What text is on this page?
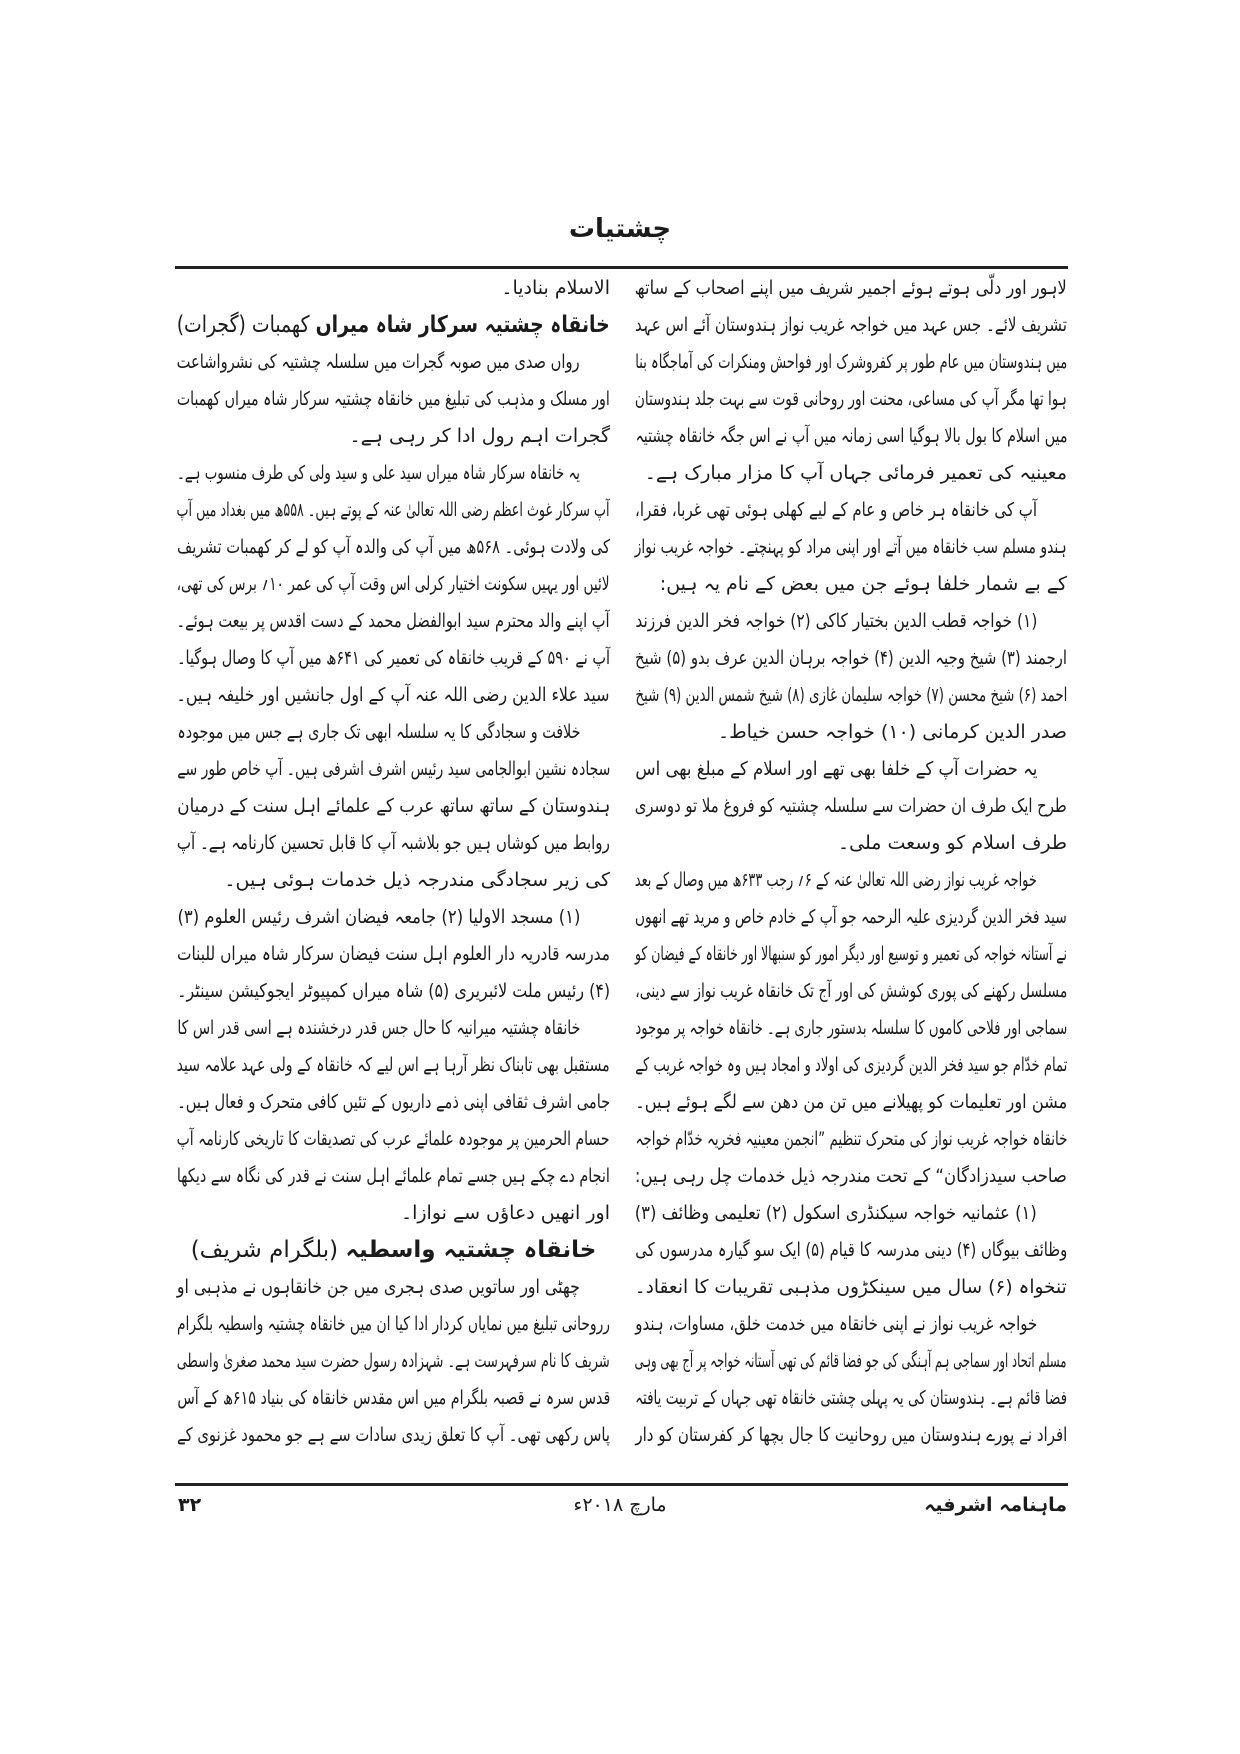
چشتیات
لاہور اور دلّی ہوتے ہوئے اجمیر شریف میں اپنے اصحاب کے ساتھ
تشریف لائے۔ جس عہد میں خواجہ غریب نواز ہندوستان آئے اس عہد
میں ہندوستان میں عام طور پر کفروشرک اور فواحش ومنکرات کی آماجگاہ بنا
ہوا تھا مگر آپ کی مساعی، محنت اور روحانی قوت سے بہت جلد ہندوستان
میں اسلام کا بول بالا ہوگیا اسی زمانہ میں آپ نے اس جگہ خانقاہ چشتیہ
معینیہ کی تعمیر فرمائی جہاں آپ کا مزار مبارک ہے۔
آپ کی خانقاہ ہر خاص و عام کے لیے کھلی ہوئی تھی غربا، فقرا،
ہندو مسلم سب خانقاہ میں آتے اور اپنی مراد کو پہنچتے۔ خواجہ غریب نواز
کے بے شمار خلفا ہوئے جن میں بعض کے نام یہ ہیں:
(۱) خواجہ قطب الدین بختیار کاکی (۲) خواجہ فخر الدین فرزند
ارجمند (۳) شیخ وجیہ الدین (۴) خواجہ برہان الدین عرف بدو (۵) شیخ
احمد (۶) شیخ محسن (۷) خواجہ سلیمان غازی (۸) شیخ شمس الدین (۹) شیخ
صدر الدین کرمانی (۱۰) خواجہ حسن خیاط۔
یہ حضرات آپ کے خلفا بھی تھے اور اسلام کے مبلغ بھی اس
طرح ایک طرف ان حضرات سے سلسلہ چشتیہ کو فروغ ملا تو دوسری
طرف اسلام کو وسعت ملی۔
خواجہ غریب نواز رضی اللہ تعالیٰ عنہ کے ۶؍ رجب ۶۳۳ھ میں وصال کے بعد
سید فخر الدین گردیزی علیہ الرحمہ جو آپ کے خادم خاص و مرید تھے انھوں
نے آستانہ خواجہ کی تعمیر و توسیع اور دیگر امور کو سنبھالا اور خانقاہ کے فیضان کو
مسلسل رکھنے کی پوری کوشش کی اور آج تک خانقاہ غریب نواز سے دینی،
سماجی اور فلاحی کاموں کا سلسلہ بدستور جاری ہے۔ خانقاہ خواجہ پر موجود
تمام خدّام جو سید فخر الدین گردیزی کی اولاد و امجاد ہیں وہ خواجہ غریب کے
مشن اور تعلیمات کو پھیلانے میں تن من دھن سے لگے ہوئے ہیں۔
خانقاہ خواجہ غریب نواز کی متحرک تنظیم ”انجمن معینیہ فخریہ خدّام خواجہ
صاحب سیدزادگان“ کے تحت مندرجہ ذیل خدمات چل رہی ہیں:
(۱) عثمانیہ خواجہ سیکنڈری اسکول (۲) تعلیمی وظائف (۳)
وظائف بیوگاں (۴) دینی مدرسہ کا قیام (۵) ایک سو گیارہ مدرسوں کی
تنخواہ (۶) سال میں سینکڑوں مذہبی تقریبات کا انعقاد۔
خواجہ غریب نواز نے اپنی خانقاہ میں خدمت خلق، مساوات، ہندو
مسلم اتحاد اور سماجی ہم آہنگی کی جو فضا قائم کی تھی آستانہ خواجہ پر آج بھی وہی
فضا قائم ہے۔ ہندوستان کی یہ پہلی چشتی خانقاہ تھی جہاں کے تربیت یافتہ
افراد نے پورے ہندوستان میں روحانیت کا جال بچھا کر کفرستان کو دار
الاسلام بنادیا۔
خانقاہ چشتیہ سرکار شاہ میراں کھمبات (گجرات)
رواں صدی میں صوبہ گجرات میں سلسلہ چشتیہ کی نشرواشاعت
اور مسلک و مذہب کی تبلیغ میں خانقاہ چشتیہ سرکار شاہ میراں کھمبات
گجرات اہم رول ادا کر رہی ہے۔
یہ خانقاہ سرکار شاہ میراں سید علی و سید ولی کی طرف منسوب ہے۔
آپ سرکار غوث اعظم رضی اللہ تعالیٰ عنہ کے پوتے ہیں۔ ۵۵۸ھ میں بغداد میں آپ
کی ولادت ہوئی۔ ۵۶۸ھ میں آپ کی والدہ آپ کو لے کر کھمبات تشریف
لائیں اور یہیں سکونت اختیار کرلی اس وقت آپ کی عمر ۱۰؍ برس کی تھی،
آپ اپنے والد محترم سید ابوالفضل محمد کے دست اقدس پر بیعت ہوئے۔
آپ نے ۵۹۰ کے قریب خانقاہ کی تعمیر کی ۶۴۱ھ میں آپ کا وصال ہوگیا۔
سید علاء الدین رضی اللہ عنہ آپ کے اول جانشیں اور خلیفہ ہیں۔
خلافت و سجادگی کا یہ سلسلہ ابھی تک جاری ہے جس میں موجودہ
سجادہ نشین ابوالجامی سید رئیس اشرف اشرفی ہیں۔ آپ خاص طور سے
ہندوستان کے ساتھ ساتھ عرب کے علمائے اہل سنت کے درمیان
روابط میں کوشاں ہیں جو بلاشبہ آپ کا قابل تحسین کارنامہ ہے۔ آپ
کی زیر سجادگی مندرجہ ذیل خدمات ہوئی ہیں۔
(۱) مسجد الاولیا (۲) جامعہ فیضان اشرف رئیس العلوم (۳)
مدرسہ قادریہ دار العلوم اہل سنت فیضان سرکار شاہ میراں للبنات
(۴) رئیس ملت لائبریری (۵) شاہ میراں کمپیوٹر ایجوکیشن سینٹر۔
خانقاہ چشتیہ میرانیہ کا حال جس قدر درخشندہ ہے اسی قدر اس کا
مستقبل بھی تابناک نظر آرہا ہے اس لیے کہ خانقاہ کے ولی عہد علامہ سید
جامی اشرف ثقافی اپنی ذمے داریوں کے تئیں کافی متحرک و فعال ہیں۔
حسام الحرمین پر موجودہ علمائے عرب کی تصدیقات کا تاریخی کارنامہ آپ
انجام دے چکے ہیں جسے تمام علمائے اہل سنت نے قدر کی نگاہ سے دیکھا
اور انھیں دعاؤں سے نوازا۔
خانقاہ چشتیہ واسطیہ (بلگرام شریف)
چھٹی اور ساتویں صدی ہجری میں جن خانقاہوں نے مذہبی او
رروحانی تبلیغ میں نمایاں کردار ادا کیا ان میں خانقاہ چشتیہ واسطیہ بلگرام
شریف کا نام سرفہرست ہے۔ شہزادہ رسول حضرت سید محمد صغریٰ واسطی
قدس سرہ نے قصبہ بلگرام میں اس مقدس خانقاہ کی بنیاد ۶۱۵ھ کے آس
پاس رکھی تھی۔ آپ کا تعلق زیدی سادات سے ہے جو محمود غزنوی کے
ماہنامہ اشرفیہ
مارچ ۲۰۱۸ء
۳۲
